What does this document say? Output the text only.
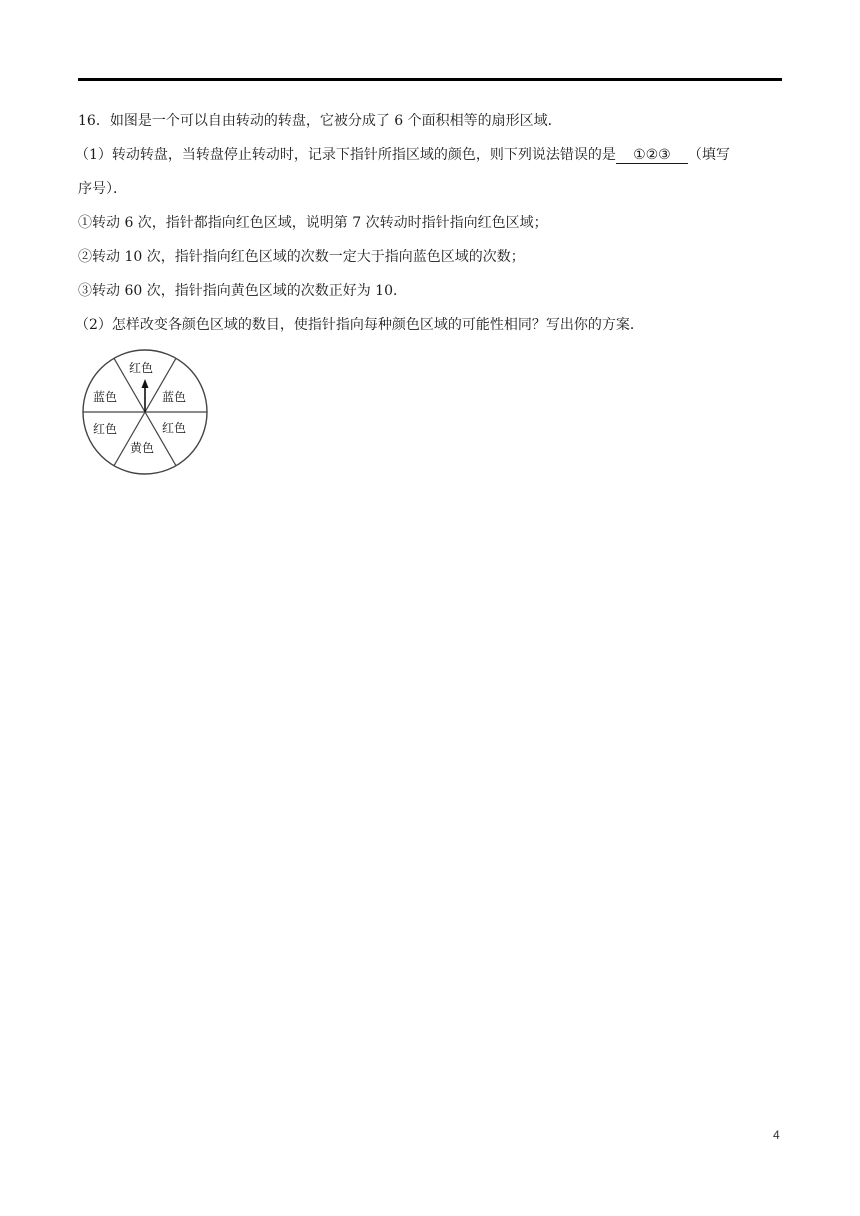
16．如图是一个可以自由转动的转盘，它被分成了 6 个面积相等的扇形区域．
（1）转动转盘，当转盘停止转动时，记录下指针所指区域的颜色，则下列说法错误的是 ①②③ （填写
序号）．
①转动 6 次，指针都指向红色区域，说明第 7 次转动时指针指向红色区域；
②转动 10 次，指针指向红色区域的次数一定大于指向蓝色区域的次数；
③转动 60 次，指针指向黄色区域的次数正好为 10．
（2）怎样改变各颜色区域的数目，使指针指向每种颜色区域的可能性相同？写出你的方案．
红色
蓝色	蓝色
红色	红色
黄色
4
